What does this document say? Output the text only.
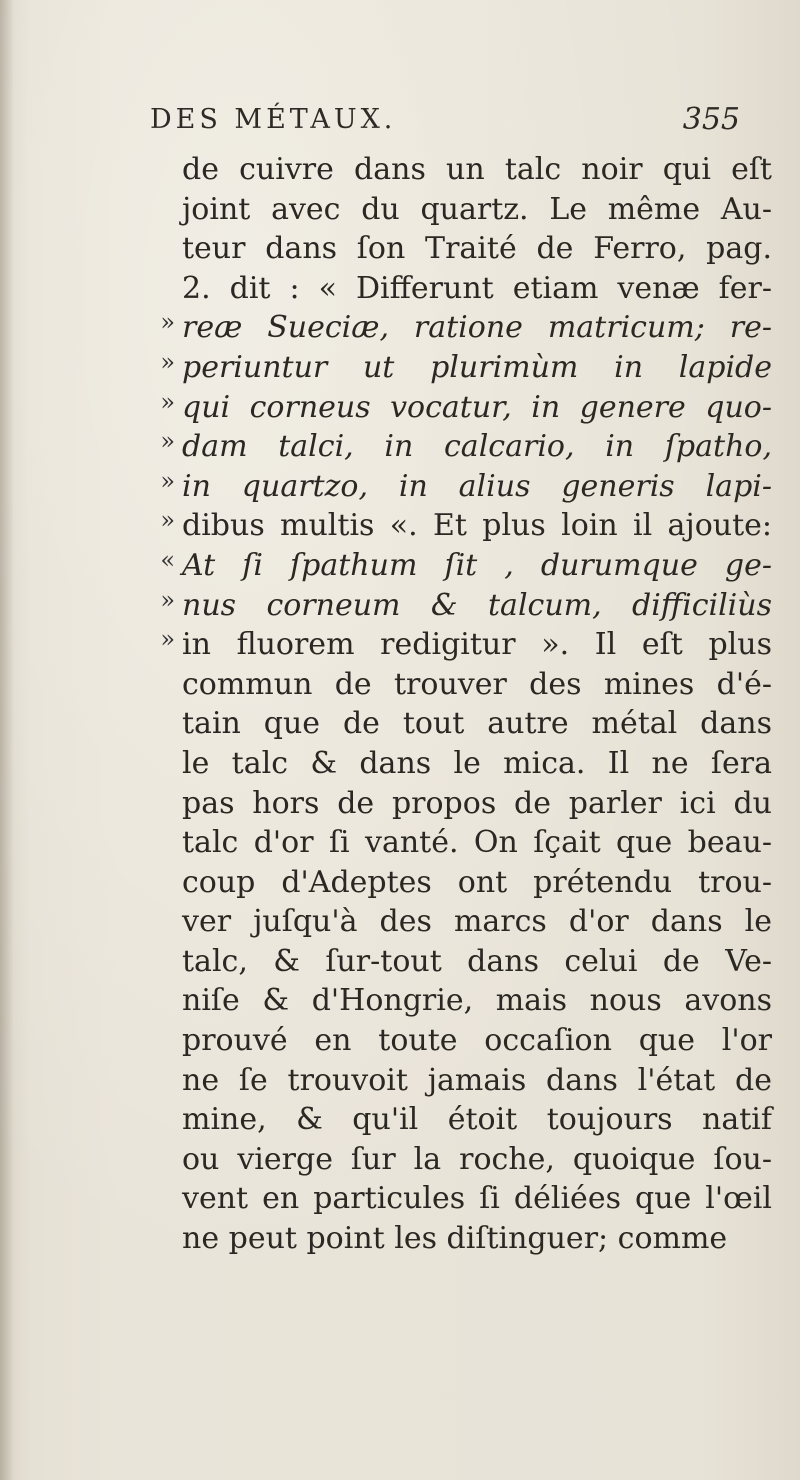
DES MÉTAUX.	355
de cuivre dans un talc noir qui eſt
joint avec du quartz. Le même Au-
teur dans ſon Traité de Ferro, pag.
2. dit : « Differunt etiam venæ fer-
» reæ Sueciæ, ratione matricum; re-
» periuntur ut plurimùm in lapide
» qui corneus vocatur, in genere quo-
» dam talci, in calcario, in ſpatho,
» in quartzo, in alius generis lapi-
» dibus multis «. Et plus loin il ajoute:
« At ſi ſpathum ſit , durumque ge-
» nus corneum & talcum, difficiliùs
» in fluorem redigitur ». Il eſt plus
commun de trouver des mines d'é-
tain que de tout autre métal dans
le talc & dans le mica. Il ne ſera
pas hors de propos de parler ici du
talc d'or ſi vanté. On ſçait que beau-
coup d'Adeptes ont prétendu trou-
ver juſqu'à des marcs d'or dans le
talc, & ſur-tout dans celui de Ve-
niſe & d'Hongrie, mais nous avons
prouvé en toute occaſion que l'or
ne ſe trouvoit jamais dans l'état de
mine, & qu'il étoit toujours natif
ou vierge ſur la roche, quoique ſou-
vent en particules ſi déliées que l'œil
ne peut point les diſtinguer; comme
